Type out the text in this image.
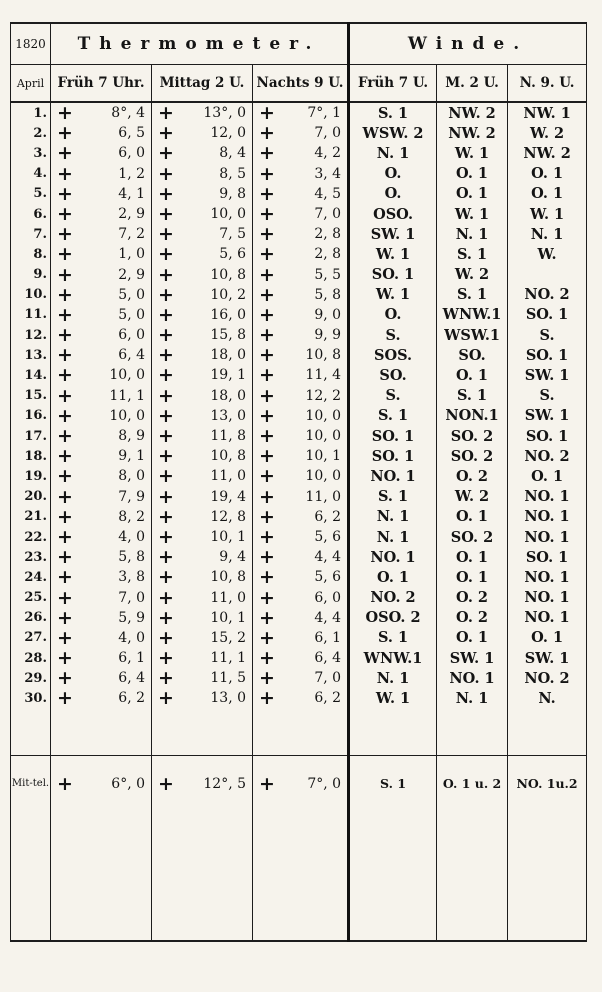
1820	Thermometer.			Winde.		
April	Früh 7 Uhr.	Mittag 2 U.	Nachts 9 U.	Früh 7 U.	M. 2 U.	N. 9. U.
1.	+ 8°, 4	+ 13°, 0	+ 7°, 1	S. 1	NW. 2	NW. 1
2.	+ 6, 5	+ 12, 0	+ 7, 0	WSW. 2	NW. 2	W. 2
3.	+ 6, 0	+ 8, 4	+ 4, 2	N. 1	W. 1	NW. 2
4.	+ 1, 2	+ 8, 5	+ 3, 4	O.	O. 1	O. 1
5.	+ 4, 1	+ 9, 8	+ 4, 5	O.	O. 1	O. 1
6.	+ 2, 9	+ 10, 0	+ 7, 0	OSO.	W. 1	W. 1
7.	+ 7, 2	+ 7, 5	+ 2, 8	SW. 1	N. 1	N. 1
8.	+ 1, 0	+ 5, 6	+ 2, 8	W. 1	S. 1	W.
9.	+ 2, 9	+ 10, 8	+ 5, 5	SO. 1	W. 2	
10.	+ 5, 0	+ 10, 2	+ 5, 8	W. 1	S. 1	NO. 2
11.	+ 5, 0	+ 16, 0	+ 9, 0	O.	WNW.1	SO. 1
12.	+ 6, 0	+ 15, 8	+ 9, 9	S.	WSW.1	S.
13.	+ 6, 4	+ 18, 0	+ 10, 8	SOS.	SO.	SO. 1
14.	+ 10, 0	+ 19, 1	+ 11, 4	SO.	O. 1	SW. 1
15.	+ 11, 1	+ 18, 0	+ 12, 2	S.	S. 1	S.
16.	+ 10, 0	+ 13, 0	+ 10, 0	S. 1	NON.1	SW. 1
17.	+ 8, 9	+ 11, 8	+ 10, 0	SO. 1	SO. 2	SO. 1
18.	+ 9, 1	+ 10, 8	+ 10, 1	SO. 1	SO. 2	NO. 2
19.	+ 8, 0	+ 11, 0	+ 10, 0	NO. 1	O. 2	O. 1
20.	+ 7, 9	+ 19, 4	+ 11, 0	S. 1	W. 2	NO. 1
21.	+ 8, 2	+ 12, 8	+ 6, 2	N. 1	O. 1	NO. 1
22.	+ 4, 0	+ 10, 1	+ 5, 6	N. 1	SO. 2	NO. 1
23.	+ 5, 8	+ 9, 4	+ 4, 4	NO. 1	O. 1	SO. 1
24.	+ 3, 8	+ 10, 8	+ 5, 6	O. 1	O. 1	NO. 1
25.	+ 7, 0	+ 11, 0	+ 6, 0	NO. 2	O. 2	NO. 1
26.	+ 5, 9	+ 10, 1	+ 4, 4	OSO. 2	O. 2	NO. 1
27.	+ 4, 0	+ 15, 2	+ 6, 1	S. 1	O. 1	O. 1
28.	+ 6, 1	+ 11, 1	+ 6, 4	WNW.1	SW. 1	SW. 1
29.	+ 6, 4	+ 11, 5	+ 7, 0	N. 1	NO. 1	NO. 2
30.	+ 6, 2	+ 13, 0	+ 6, 2	W. 1	N. 1	N.

Mit-tel.	+ 6°, 0	+ 12°, 5	+ 7°, 0	S. 1	O. 1 u. 2	NO. 1u.2
